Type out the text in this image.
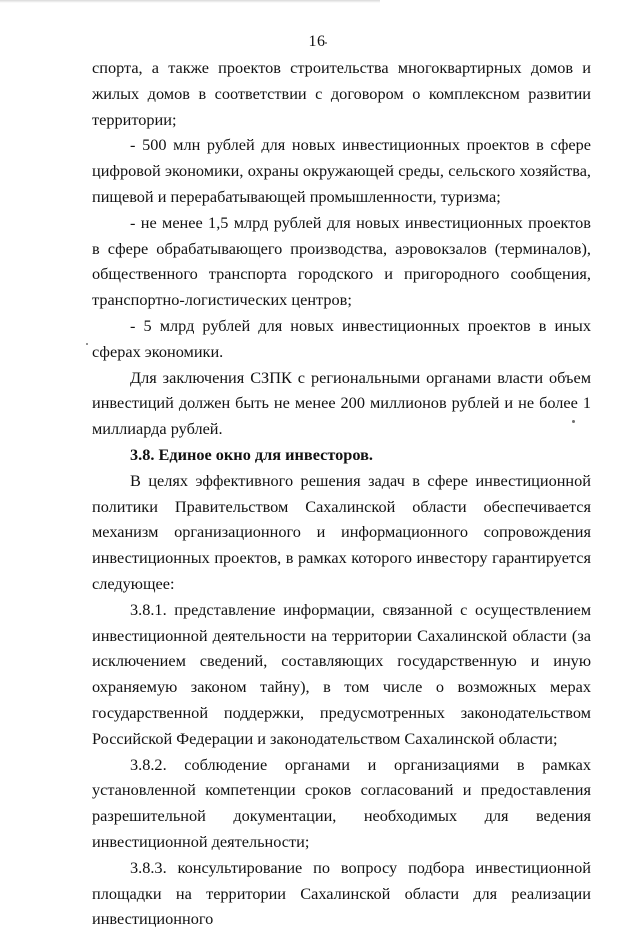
16

спорта, а также проектов строительства многоквартирных домов и жилых домов в соответствии с договором о комплексном развитии территории;

- 500 млн рублей для новых инвестиционных проектов в сфере цифровой экономики, охраны окружающей среды, сельского хозяйства, пищевой и перерабатывающей промышленности, туризма;

- не менее 1,5 млрд рублей для новых инвестиционных проектов в сфере обрабатывающего производства, аэровокзалов (терминалов), общественного транспорта городского и пригородного сообщения, транспортно-логистических центров;

- 5 млрд рублей для новых инвестиционных проектов в иных сферах экономики.

Для заключения СЗПК с региональными органами власти объем инвестиций должен быть не менее 200 миллионов рублей и не более 1 миллиарда рублей.

3.8. Единое окно для инвесторов.

В целях эффективного решения задач в сфере инвестиционной политики Правительством Сахалинской области обеспечивается механизм организационного и информационного сопровождения инвестиционных проектов, в рамках которого инвестору гарантируется следующее:

3.8.1. представление информации, связанной с осуществлением инвестиционной деятельности на территории Сахалинской области (за исключением сведений, составляющих государственную и иную охраняемую законом тайну), в том числе о возможных мерах государственной поддержки, предусмотренных законодательством Российской Федерации и законодательством Сахалинской области;

3.8.2. соблюдение органами и организациями в рамках установленной компетенции сроков согласований и предоставления разрешительной документации, необходимых для ведения инвестиционной деятельности;

3.8.3. консультирование по вопросу подбора инвестиционной площадки на территории Сахалинской области для реализации инвестиционного
